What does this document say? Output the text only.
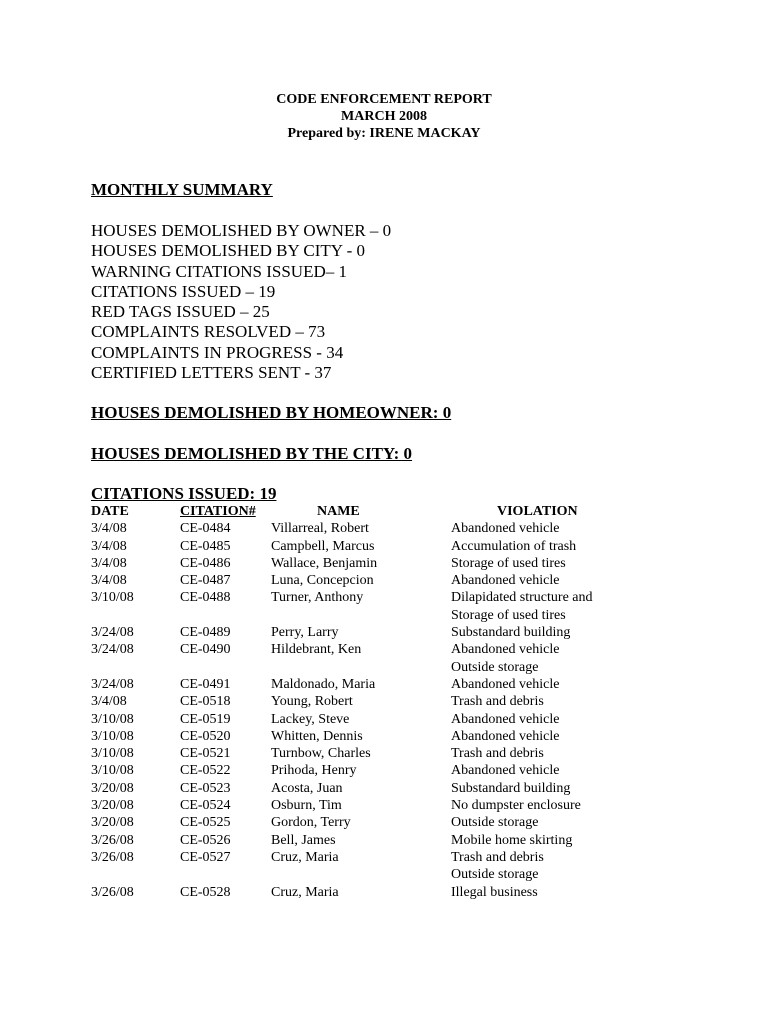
CODE ENFORCEMENT REPORT
MARCH 2008
Prepared by: IRENE MACKAY
MONTHLY SUMMARY
HOUSES DEMOLISHED BY OWNER – 0
HOUSES DEMOLISHED BY CITY - 0
WARNING CITATIONS ISSUED– 1
CITATIONS ISSUED – 19
RED TAGS ISSUED – 25
COMPLAINTS RESOLVED – 73
COMPLAINTS IN PROGRESS - 34
CERTIFIED LETTERS SENT - 37
HOUSES DEMOLISHED BY HOMEOWNER: 0
HOUSES DEMOLISHED BY THE CITY: 0
CITATIONS ISSUED: 19
DATE	CITATION#	NAME	VIOLATION
3/4/08	CE-0484	Villarreal, Robert	Abandoned vehicle
3/4/08	CE-0485	Campbell, Marcus	Accumulation of trash
3/4/08	CE-0486	Wallace, Benjamin	Storage of used tires
3/4/08	CE-0487	Luna, Concepcion	Abandoned vehicle
3/10/08	CE-0488	Turner, Anthony	Dilapidated structure and
Storage of used tires
3/24/08	CE-0489	Perry, Larry	Substandard building
3/24/08	CE-0490	Hildebrant, Ken	Abandoned vehicle
Outside storage
3/24/08	CE-0491	Maldonado, Maria	Abandoned vehicle
3/4/08	CE-0518	Young, Robert	Trash and debris
3/10/08	CE-0519	Lackey, Steve	Abandoned vehicle
3/10/08	CE-0520	Whitten, Dennis	Abandoned vehicle
3/10/08	CE-0521	Turnbow, Charles	Trash and debris
3/10/08	CE-0522	Prihoda, Henry	Abandoned vehicle
3/20/08	CE-0523	Acosta, Juan	Substandard building
3/20/08	CE-0524	Osburn, Tim	No dumpster enclosure
3/20/08	CE-0525	Gordon, Terry	Outside storage
3/26/08	CE-0526	Bell, James	Mobile home skirting
3/26/08	CE-0527	Cruz, Maria	Trash and debris
Outside storage
3/26/08	CE-0528	Cruz, Maria	Illegal business
